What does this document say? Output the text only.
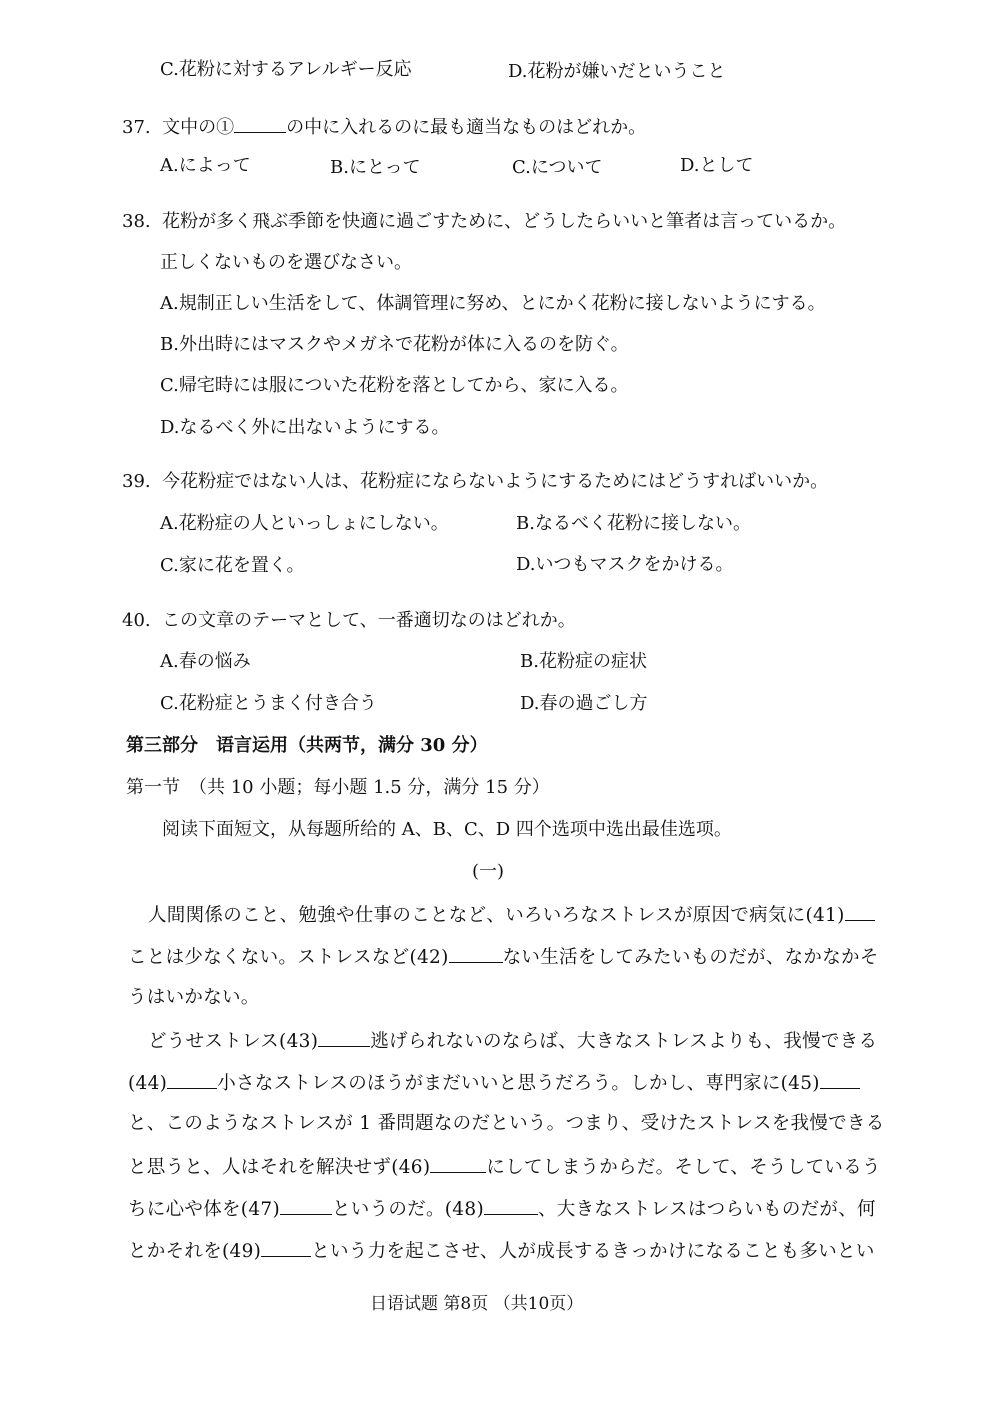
C.花粉に対するアレルギー反応	D.花粉が嫌いだということ
37. 文中の①	の中に入れるのに最も適当なものはどれか。
A.によって	B.にとって	C.について	D.として
38. 花粉が多く飛ぶ季節を快適に過ごすために、どうしたらいいと筆者は言っているか。
正しくないものを選びなさい。
A.規制正しい生活をして、体調管理に努め、とにかく花粉に接しないようにする。
B.外出時にはマスクやメガネで花粉が体に入るのを防ぐ。
C.帰宅時には服についた花粉を落としてから、家に入る。
D.なるべく外に出ないようにする。
39. 今花粉症ではない人は、花粉症にならないようにするためにはどうすればいいか。
A.花粉症の人といっしょにしない。	B.なるべく花粉に接しない。
C.家に花を置く。	D.いつもマスクをかける。
40. この文章のテーマとして、一番適切なのはどれか。
A.春の悩み	B.花粉症の症状
C.花粉症とうまく付き合う	D.春の過ごし方
第三部分　语言运用（共两节，满分 30 分）
第一节　（共 10 小题；每小题 1.5 分，满分 15 分）
阅读下面短文，从每题所给的 A、B、C、D 四个选项中选出最佳选项。
(一)
人間関係のこと、勉強や仕事のことなど、いろいろなストレスが原因で病気に(41)
ことは少なくない。ストレスなど(42)	ない生活をしてみたいものだが、なかなかそ
うはいかない。
どうせストレス(43)	逃げられないのならば、大きなストレスよりも、我慢できる
(44)	小さなストレスのほうがまだいいと思うだろう。しかし、専門家に(45)
と、このようなストレスが 1 番問題なのだという。つまり、受けたストレスを我慢できる
と思うと、人はそれを解決せず(46)	にしてしまうからだ。そして、そうしているう
ちに心や体を(47)	というのだ。(48)	、大きなストレスはつらいものだが、何
とかそれを(49)	という力を起こさせ、人が成長するきっかけになることも多いとい
日语试题 第8页 （共10页）
